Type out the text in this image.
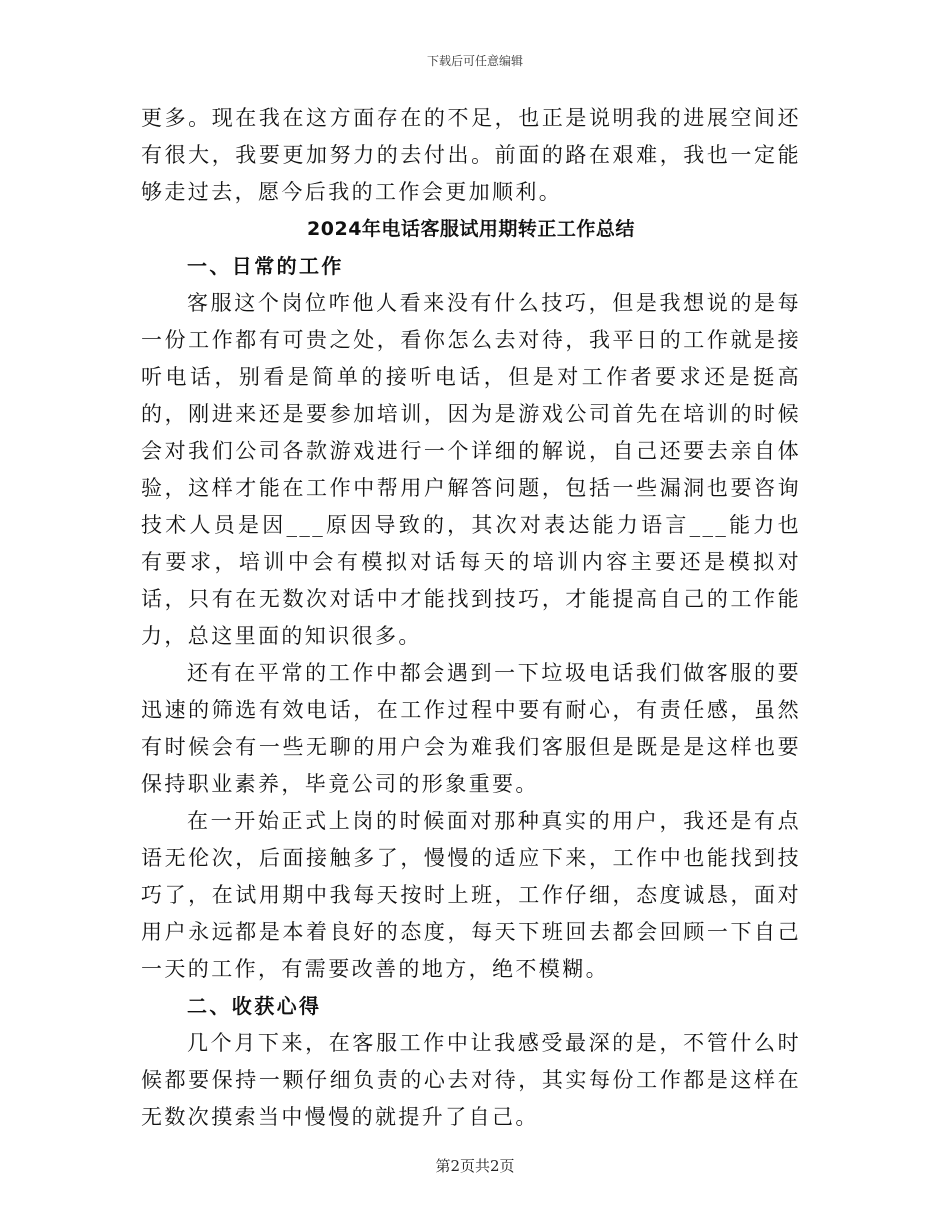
下载后可任意编辑

更多。现在我在这方面存在的不足，也正是说明我的进展空间还有很大，我要更加努力的去付出。前面的路在艰难，我也一定能够走过去，愿今后我的工作会更加顺利。

2024年电话客服试用期转正工作总结

一、日常的工作

客服这个岗位咋他人看来没有什么技巧，但是我想说的是每一份工作都有可贵之处，看你怎么去对待，我平日的工作就是接听电话，别看是简单的接听电话，但是对工作者要求还是挺高的，刚进来还是要参加培训，因为是游戏公司首先在培训的时候会对我们公司各款游戏进行一个详细的解说，自己还要去亲自体验，这样才能在工作中帮用户解答问题，包括一些漏洞也要咨询技术人员是因___原因导致的，其次对表达能力语言___能力也有要求，培训中会有模拟对话每天的培训内容主要还是模拟对话，只有在无数次对话中才能找到技巧，才能提高自己的工作能力，总这里面的知识很多。

还有在平常的工作中都会遇到一下垃圾电话我们做客服的要迅速的筛选有效电话，在工作过程中要有耐心，有责任感，虽然有时候会有一些无聊的用户会为难我们客服但是既是是这样也要保持职业素养，毕竟公司的形象重要。

在一开始正式上岗的时候面对那种真实的用户，我还是有点语无伦次，后面接触多了，慢慢的适应下来，工作中也能找到技巧了，在试用期中我每天按时上班，工作仔细，态度诚恳，面对用户永远都是本着良好的态度，每天下班回去都会回顾一下自己一天的工作，有需要改善的地方，绝不模糊。

二、收获心得

几个月下来，在客服工作中让我感受最深的是，不管什么时候都要保持一颗仔细负责的心去对待，其实每份工作都是这样在无数次摸索当中慢慢的就提升了自己。

第2页共2页
